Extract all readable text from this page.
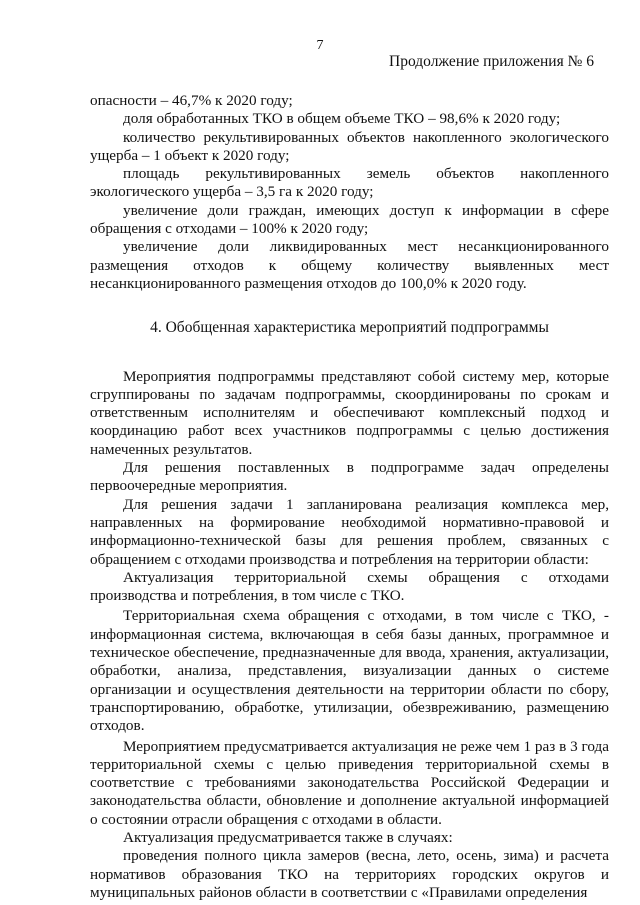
7
Продолжение приложения № 6

опасности – 46,7% к 2020 году;

доля обработанных ТКО в общем объеме ТКО – 98,6% к 2020 году;

количество рекультивированных объектов накопленного экологического ущерба – 1 объект к 2020 году;

площадь рекультивированных земель объектов накопленного экологического ущерба – 3,5 га к 2020 году;

увеличение доли граждан, имеющих доступ к информации в сфере обращения с отходами – 100% к 2020 году;

увеличение доли ликвидированных мест несанкционированного размещения отходов к общему количеству выявленных мест несанкционированного размещения отходов до 100,0% к 2020 году.

4. Обобщенная характеристика мероприятий подпрограммы

Мероприятия подпрограммы представляют собой систему мер, которые сгруппированы по задачам подпрограммы, скоординированы по срокам и ответственным исполнителям и обеспечивают комплексный подход и координацию работ всех участников подпрограммы с целью достижения намеченных результатов.

Для решения поставленных в подпрограмме задач определены первоочередные мероприятия.

Для решения задачи 1 запланирована реализация комплекса мер, направленных на формирование необходимой нормативно-правовой и информационно-технической базы для решения проблем, связанных с обращением с отходами производства и потребления на территории области:

Актуализация территориальной схемы обращения с отходами производства и потребления, в том числе с ТКО.

Территориальная схема обращения с отходами, в том числе с ТКО, - информационная система, включающая в себя базы данных, программное и техническое обеспечение, предназначенные для ввода, хранения, актуализации, обработки, анализа, представления, визуализации данных о системе организации и осуществления деятельности на территории области по сбору, транспортированию, обработке, утилизации, обезвреживанию, размещению отходов.

Мероприятием предусматривается актуализация не реже чем 1 раз в 3 года территориальной схемы с целью приведения территориальной схемы в соответствие с требованиями законодательства Российской Федерации и законодательства области, обновление и дополнение актуальной информацией о состоянии отрасли обращения с отходами в области.

Актуализация предусматривается также в случаях:

проведения полного цикла замеров (весна, лето, осень, зима) и расчета нормативов образования ТКО на территориях городских округов и муниципальных районов области в соответствии с «Правилами определения
